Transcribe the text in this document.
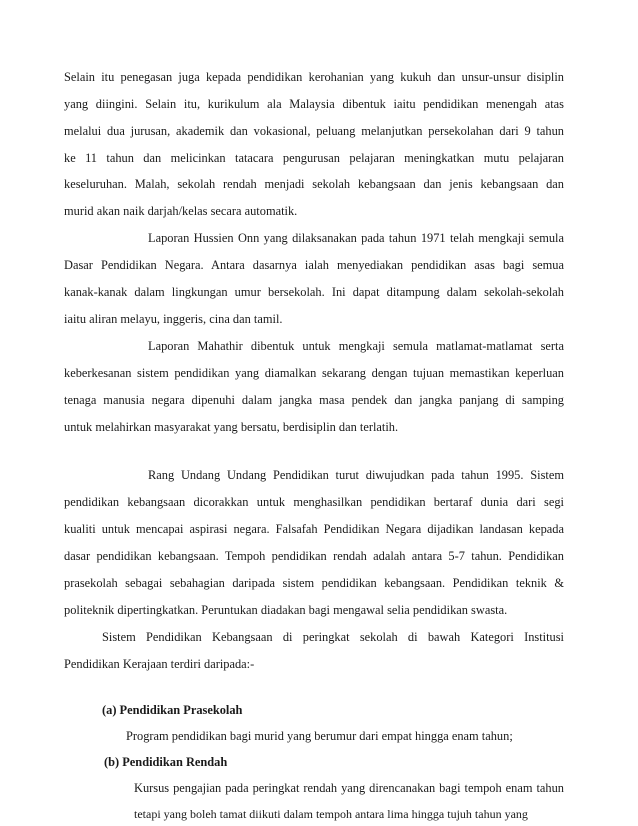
Selain itu penegasan juga kepada pendidikan kerohanian yang kukuh dan unsur-unsur disiplin
yang diingini. Selain itu, kurikulum ala Malaysia dibentuk iaitu pendidikan menengah atas
melalui dua jurusan, akademik dan vokasional, peluang melanjutkan persekolahan dari 9 tahun
ke 11 tahun dan melicinkan tatacara pengurusan pelajaran meningkatkan mutu pelajaran
keseluruhan. Malah, sekolah rendah menjadi sekolah kebangsaan dan jenis kebangsaan dan
murid akan naik darjah/kelas secara automatik.
Laporan Hussien Onn yang dilaksanakan pada tahun 1971 telah mengkaji semula
Dasar Pendidikan Negara. Antara dasarnya ialah menyediakan pendidikan asas bagi semua
kanak-kanak dalam lingkungan umur bersekolah. Ini dapat ditampung dalam sekolah-sekolah
iaitu aliran melayu, inggeris, cina dan tamil.
Laporan Mahathir dibentuk untuk mengkaji semula matlamat-matlamat serta
keberkesanan sistem pendidikan yang diamalkan sekarang dengan tujuan memastikan keperluan
tenaga manusia negara dipenuhi dalam jangka masa pendek dan jangka panjang di samping
untuk melahirkan masyarakat yang bersatu, berdisiplin dan terlatih.
Rang Undang Undang Pendidikan turut diwujudkan pada tahun 1995. Sistem
pendidikan kebangsaan dicorakkan untuk menghasilkan pendidikan bertaraf dunia dari segi
kualiti untuk mencapai aspirasi negara. Falsafah Pendidikan Negara dijadikan landasan kepada
dasar pendidikan kebangsaan. Tempoh pendidikan rendah adalah antara 5-7 tahun. Pendidikan
prasekolah sebagai sebahagian daripada sistem pendidikan kebangsaan. Pendidikan teknik &
politeknik dipertingkatkan. Peruntukan diadakan bagi mengawal selia pendidikan swasta.
Sistem Pendidikan Kebangsaan di peringkat sekolah di bawah Kategori Institusi
Pendidikan Kerajaan terdiri daripada:-
(a) Pendidikan Prasekolah
Program pendidikan bagi murid yang berumur dari empat hingga enam tahun;
(b) Pendidikan Rendah
Kursus pengajian pada peringkat rendah yang direncanakan bagi tempoh enam tahun
tetapi yang boleh tamat diikuti dalam tempoh antara lima hingga tujuh tahun yang
